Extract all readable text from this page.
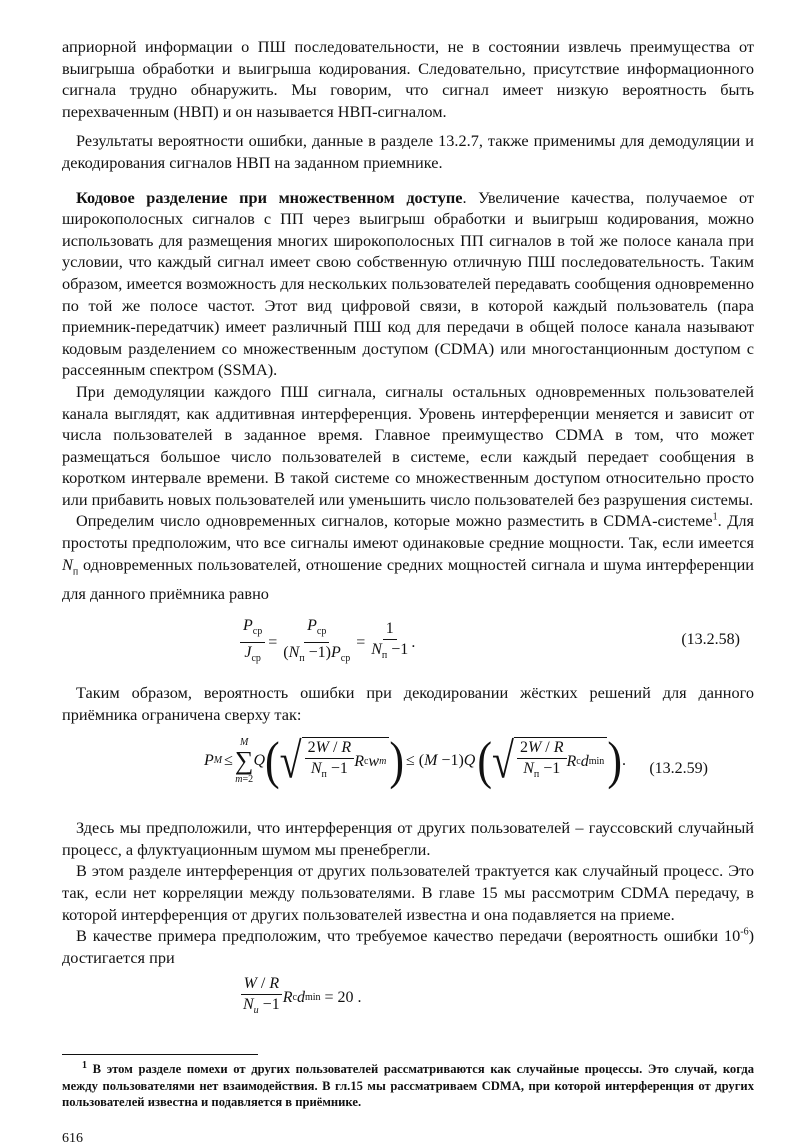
априорной информации о ПШ последовательности, не в состоянии извлечь преимущества от выигрыша обработки и выигрыша кодирования. Следовательно, присутствие информационного сигнала трудно обнаружить. Мы говорим, что сигнал имеет низкую вероятность быть перехваченным (НВП) и он называется НВП-сигналом.

Результаты вероятности ошибки, данные в разделе 13.2.7, также применимы для демодуляции и декодирования сигналов НВП на заданном приемнике.

Кодовое разделение при множественном доступе. Увеличение качества, получаемое от широкополосных сигналов с ПП через выигрыш обработки и выигрыш кодирования, можно использовать для размещения многих широкополосных ПП сигналов в той же полосе канала при условии, что каждый сигнал имеет свою собственную отличную ПШ последовательность. Таким образом, имеется возможность для нескольких пользователей передавать сообщения одновременно по той же полосе частот. Этот вид цифровой связи, в которой каждый пользователь (пара приемник-передатчик) имеет различный ПШ код для передачи в общей полосе канала называют кодовым разделением со множественным доступом (CDMA) или многостанционным доступом с рассеянным спектром (SSMA).

При демодуляции каждого ПШ сигнала, сигналы остальных одновременных пользователей канала выглядят, как аддитивная интерференция. Уровень интерференции меняется и зависит от числа пользователей в заданное время. Главное преимущество CDMA в том, что может размещаться большое число пользователей в системе, если каждый передает сообщения в коротком интервале времени. В такой системе со множественным доступом относительно просто или прибавить новых пользователей или уменьшить число пользователей без разрушения системы.

Определим число одновременных сигналов, которые можно разместить в CDMA-системе$^1$. Для простоты предположим, что все сигналы имеют одинаковые средние мощности. Так, если имеется $N_п$ одновременных пользователей, отношение средних мощностей сигнала и шума интерференции для данного приёмника равно

$\frac{P_{ср}}{J_{ср}} = \frac{P_{ср}}{(N_п -1)P_{ср}} = \frac{1}{N_п -1}$ .	(13.2.58)

Таким образом, вероятность ошибки при декодировании жёстких решений для данного приёмника ограничена сверху так:

P M ≤
M
∑
m=2
Q ( √ $\frac{2W / R}{N_п -1}$ R c w m ) ≤ (M −1)Q ( √ $\frac{2W / R}{N_п -1}$ R c d min ) . (13.2.59)

Здесь мы предположили, что интерференция от других пользователей – гауссовский случайный процесс, а флуктуационным шумом мы пренебрегли.

В этом разделе интерференция от других пользователей трактуется как случайный процесс. Это так, если нет корреляции между пользователями. В главе 15 мы рассмотрим CDMA передачу, в которой интерференция от других пользователей известна и она подавляется на приеме.

В качестве примера предположим, что требуемое качество передачи (вероятность ошибки $10^{-6}$) достигается при

$\frac{W / R}{N_u -1}$ R c d min = 20 .

$^1$ В этом разделе помехи от других пользователей рассматриваются как случайные процессы. Это случай, когда между пользователями нет взаимодействия. В гл.15 мы рассматриваем CDMA, при которой интерференция от других пользователей известна и подавляется в приёмнике.

616
